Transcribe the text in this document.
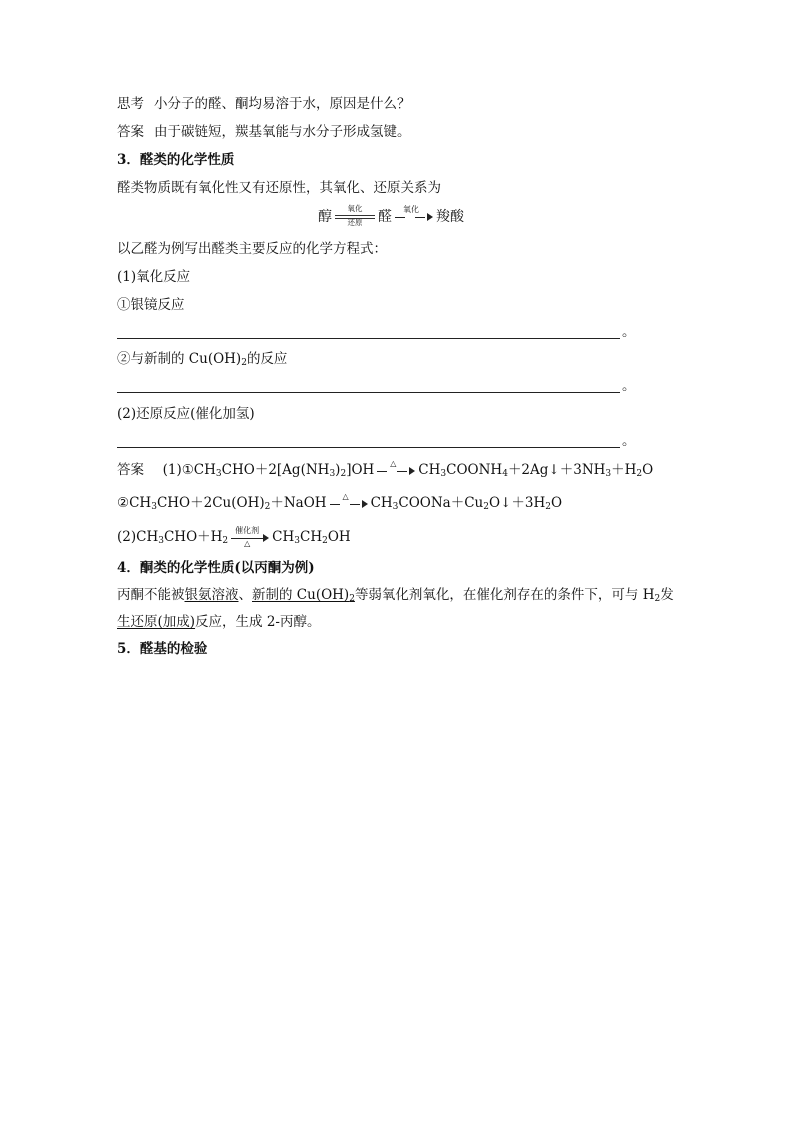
思考 小分子的醛、酮均易溶于水，原因是什么？
答案 由于碳链短，羰基氧能与水分子形成氢键。
3．醛类的化学性质
醛类物质既有氧化性又有还原性，其氧化、还原关系为
醇
氧化
还原	醛	氧化	羧酸
以乙醛为例写出醛类主要反应的化学方程式：
(1)氧化反应
①银镜反应
。
②与新制的 $Cu(OH)_2$的反应
。
(2)还原反应(催化加氢)
。
答案  $(1)①CH_3CHO+2[Ag(NH_3)_2]OH$	△	$CH_3COONH_4+2Ag↓+3NH_3+H_2O$
$②CH_3CHO+2Cu(OH)_2+NaOH$	△	$CH_3COONa+Cu_2O↓+3H_2O$
$(2)CH_3CHO+H_2$
催化剂
△	$CH_3CH_2OH$
4．酮类的化学性质(以丙酮为例)
丙酮不能被银氨溶液、新制的 $Cu(OH)_2$等弱氧化剂氧化，在催化剂存在的条件下，可与 $H_2$发
生还原(加成)反应，生成 2-丙醇。
5．醛基的检验
